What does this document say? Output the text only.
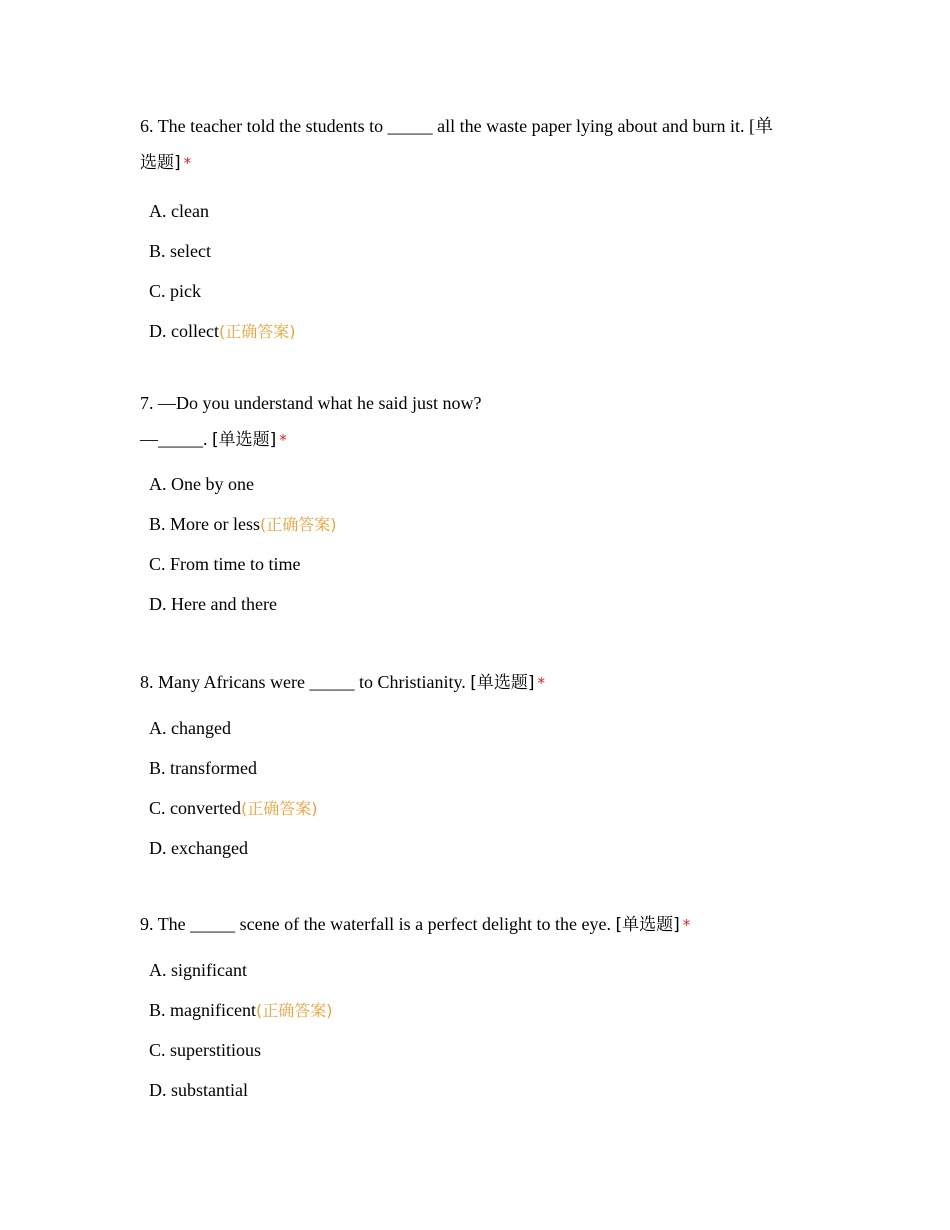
6. The teacher told the students to _____ all the waste paper lying about and burn it. [单
选题] *

A. clean
B. select
C. pick
D. collect(正确答案)

7. —Do you understand what he said just now?
—_____. [单选题] *

A. One by one
B. More or less(正确答案)
C. From time to time
D. Here and there

8. Many Africans were _____ to Christianity. [单选题] *

A. changed
B. transformed
C. converted(正确答案)
D. exchanged

9. The _____ scene of the waterfall is a perfect delight to the eye. [单选题] *

A. significant
B. magnificent(正确答案)
C. superstitious
D. substantial
